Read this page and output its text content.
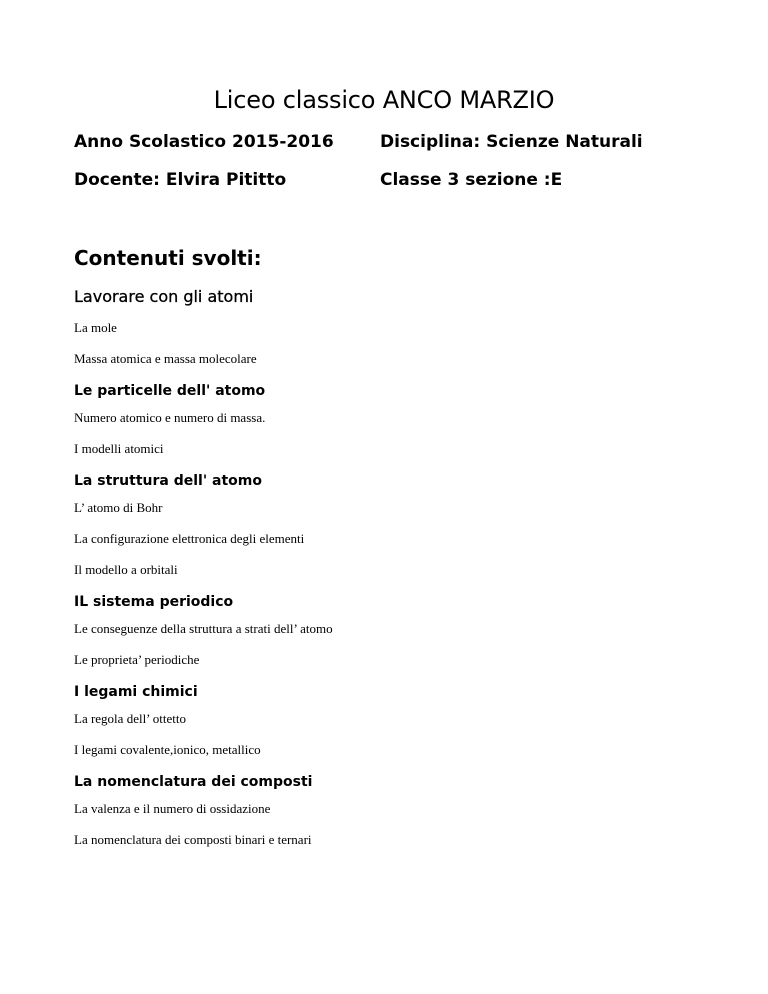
Liceo classico ANCO MARZIO
Anno Scolastico 2015-2016	Disciplina: Scienze Naturali
Docente: Elvira Pititto	Classe 3 sezione :E
Contenuti svolti:
Lavorare con gli atomi
La mole
Massa atomica e massa molecolare
Le particelle dell' atomo
Numero atomico e numero di massa.
I modelli atomici
La struttura dell' atomo
L’ atomo di Bohr
La configurazione elettronica degli elementi
Il modello a orbitali
IL sistema periodico
Le conseguenze della struttura a strati dell’ atomo
Le proprieta’ periodiche
I legami chimici
La regola dell’ ottetto
I legami covalente,ionico, metallico
La nomenclatura dei composti
La valenza e il numero di ossidazione
La nomenclatura dei composti binari e ternari
